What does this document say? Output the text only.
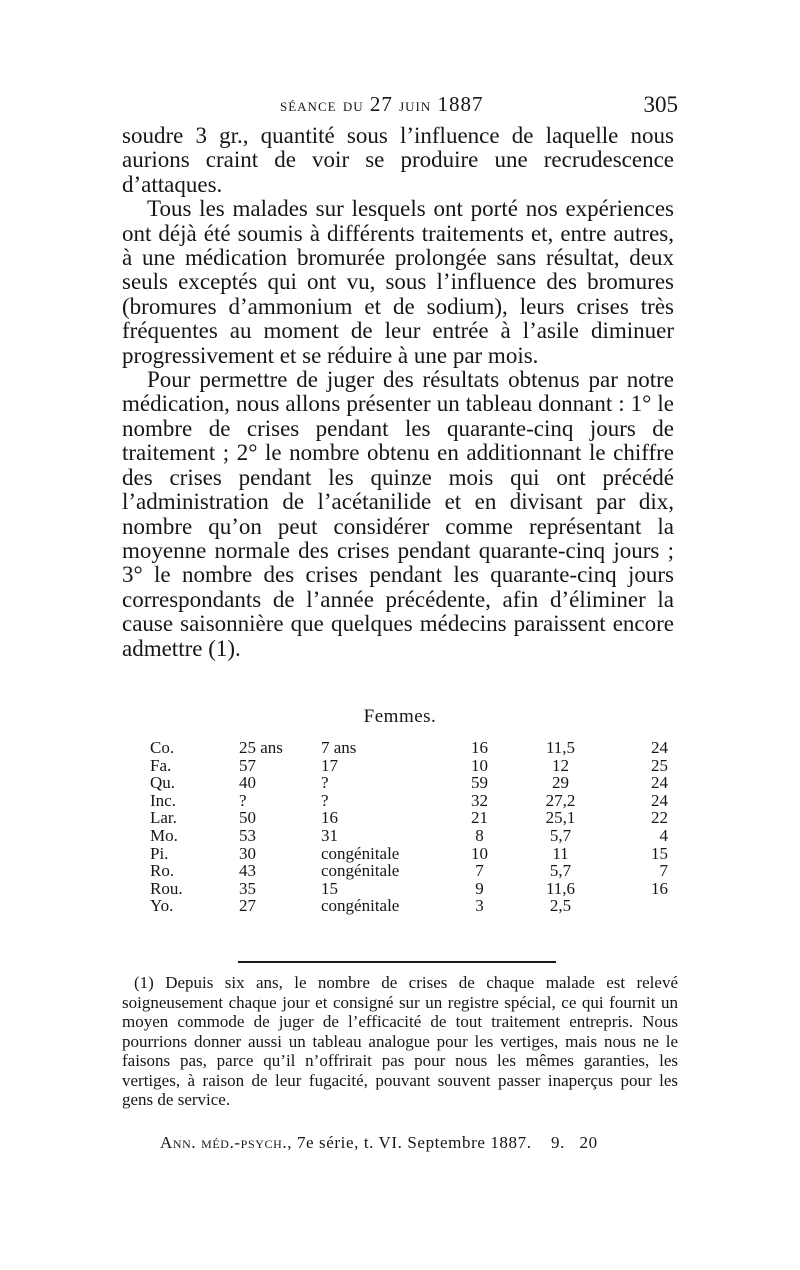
séance du 27 juin 1887	305

soudre 3 gr., quantité sous l’influence de laquelle nous aurions craint de voir se produire une recrudescence d’attaques.

Tous les malades sur lesquels ont porté nos expériences ont déjà été soumis à différents traitements et, entre autres, à une médication bromurée prolongée sans résultat, deux seuls exceptés qui ont vu, sous l’influence des bromures (bromures d’ammonium et de sodium), leurs crises très fréquentes au moment de leur entrée à l’asile diminuer progressivement et se réduire à une par mois.

Pour permettre de juger des résultats obtenus par notre médication, nous allons présenter un tableau donnant : 1° le nombre de crises pendant les quarante-cinq jours de traitement ; 2° le nombre obtenu en additionnant le chiffre des crises pendant les quinze mois qui ont précédé l’administration de l’acétanilide et en divisant par dix, nombre qu’on peut considérer comme représentant la moyenne normale des crises pendant quarante-cinq jours ; 3° le nombre des crises pendant les quarante-cinq jours correspondants de l’année précédente, afin d’éliminer la cause saisonnière que quelques médecins paraissent encore admettre (1).

Femmes.
Co.	25 ans	7 ans	16	11,5	24
Fa.	57	17	10	12	25
Qu.	40	?	59	29	24
Inc.	?	?	32	27,2	24
Lar.	50	16	21	25,1	22
Mo.	53	31	8	5,7	4
Pi.	30	congénitale	10	11	15
Ro.	43	congénitale	7	5,7	7
Rou.	35	15	9	11,6	16
Yo.	27	congénitale	3	2,5	

(1) Depuis six ans, le nombre de crises de chaque malade est relevé soigneusement chaque jour et consigné sur un registre spécial, ce qui fournit un moyen commode de juger de l’efficacité de tout traitement entrepris. Nous pourrions donner aussi un tableau analogue pour les vertiges, mais nous ne le faisons pas, parce qu’il n’offrirait pas pour nous les mêmes garanties, les vertiges, à raison de leur fugacité, pouvant souvent passer inaperçus pour les gens de service.

Ann. méd.-psych., 7e série, t. VI. Septembre 1887. 9. 20
